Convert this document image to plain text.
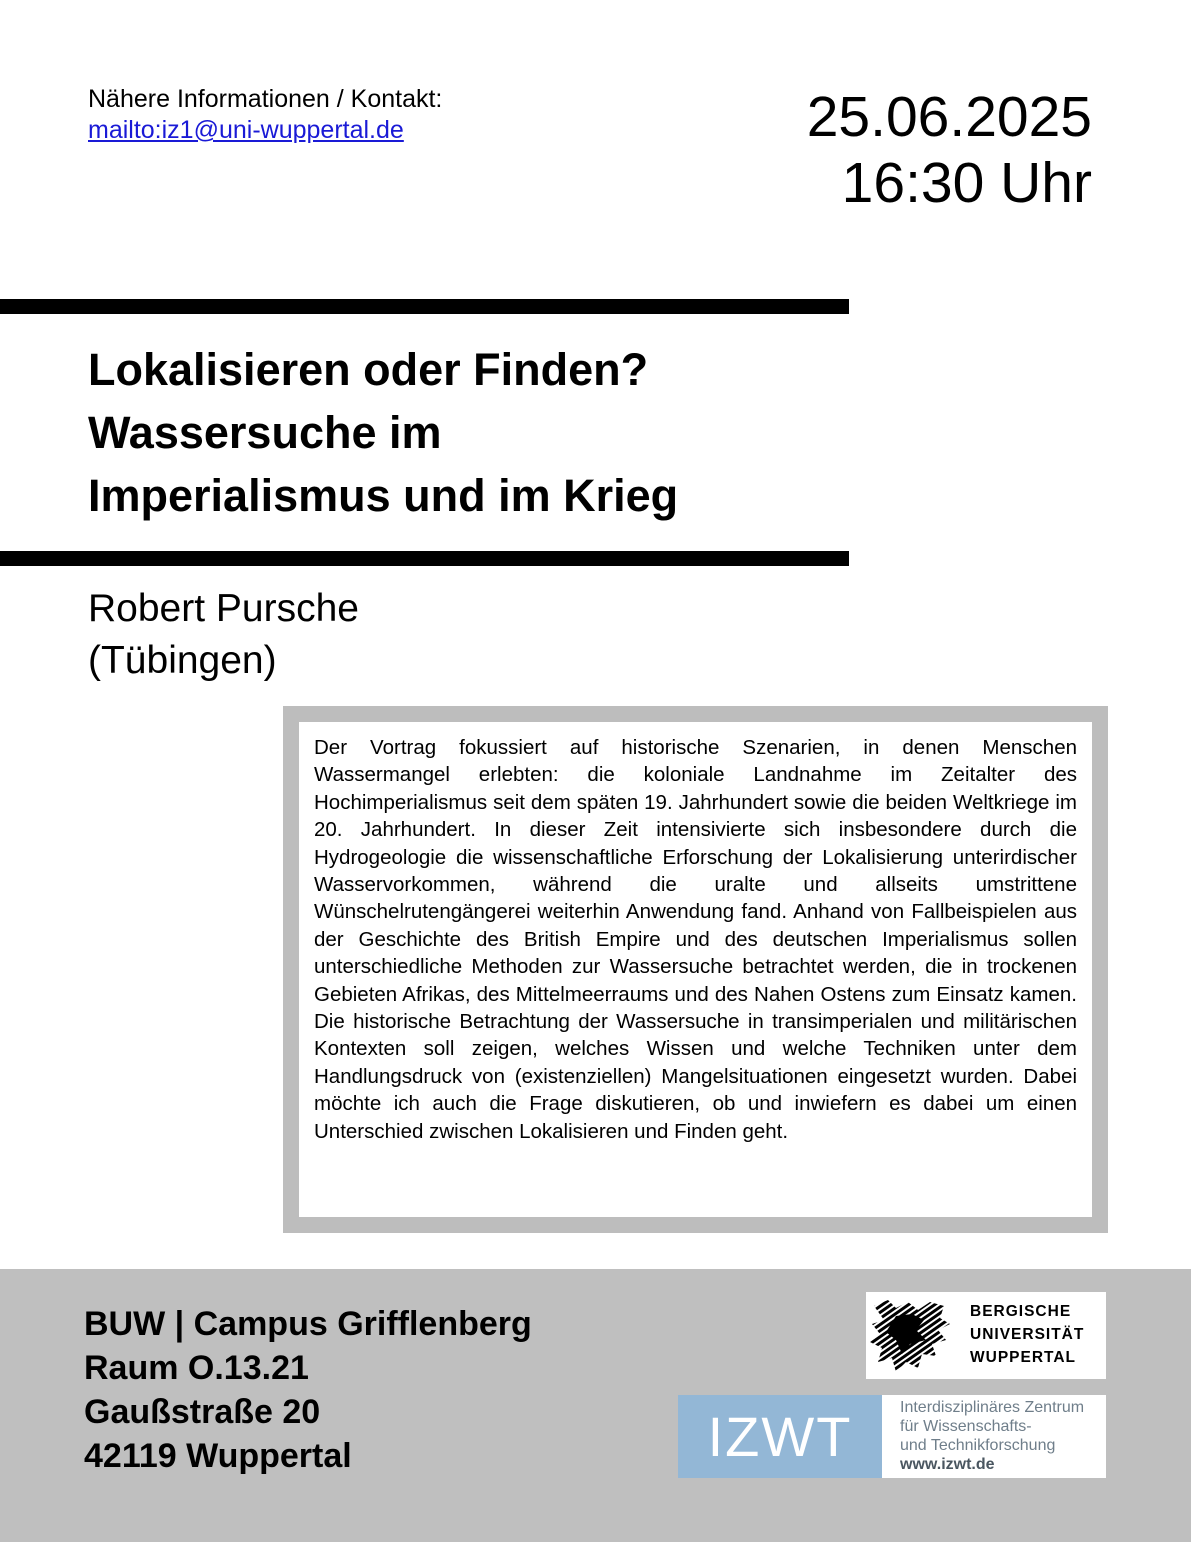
Nähere Informationen / Kontakt:
mailto:iz1@uni-wuppertal.de	25.06.2025
16:30 Uhr
Lokalisieren oder Finden?
Wassersuche im
Imperialismus und im Krieg
Robert Pursche
(Tübingen)
Der Vortrag fokussiert auf historische Szenarien, in denen Menschen Wassermangel erlebten: die koloniale Landnahme im Zeitalter des Hochimperialismus seit dem späten 19. Jahrhundert sowie die beiden Weltkriege im 20. Jahrhundert. In dieser Zeit intensivierte sich insbesondere durch die Hydrogeologie die wissenschaftliche Erforschung der Lokalisierung unterirdischer Wasservorkommen, während die uralte und allseits umstrittene Wünschelrutengängerei weiterhin Anwendung fand. Anhand von Fallbeispielen aus der Geschichte des British Empire und des deutschen Imperialismus sollen unterschiedliche Methoden zur Wassersuche betrachtet werden, die in trockenen Gebieten Afrikas, des Mittelmeerraums und des Nahen Ostens zum Einsatz kamen. Die historische Betrachtung der Wassersuche in transimperialen und militärischen Kontexten soll zeigen, welches Wissen und welche Techniken unter dem Handlungsdruck von (existenziellen) Mangelsituationen eingesetzt wurden. Dabei möchte ich auch die Frage diskutieren, ob und inwiefern es dabei um einen Unterschied zwischen Lokalisieren und Finden geht.
BUW | Campus Grifflenberg
Raum O.13.21
Gaußstraße 20
42119 Wuppertal
BERGISCHE
UNIVERSITÄT
WUPPERTAL
IZWT	Interdisziplinäres Zentrum
für Wissenschafts-
und Technikforschung
www.izwt.de
